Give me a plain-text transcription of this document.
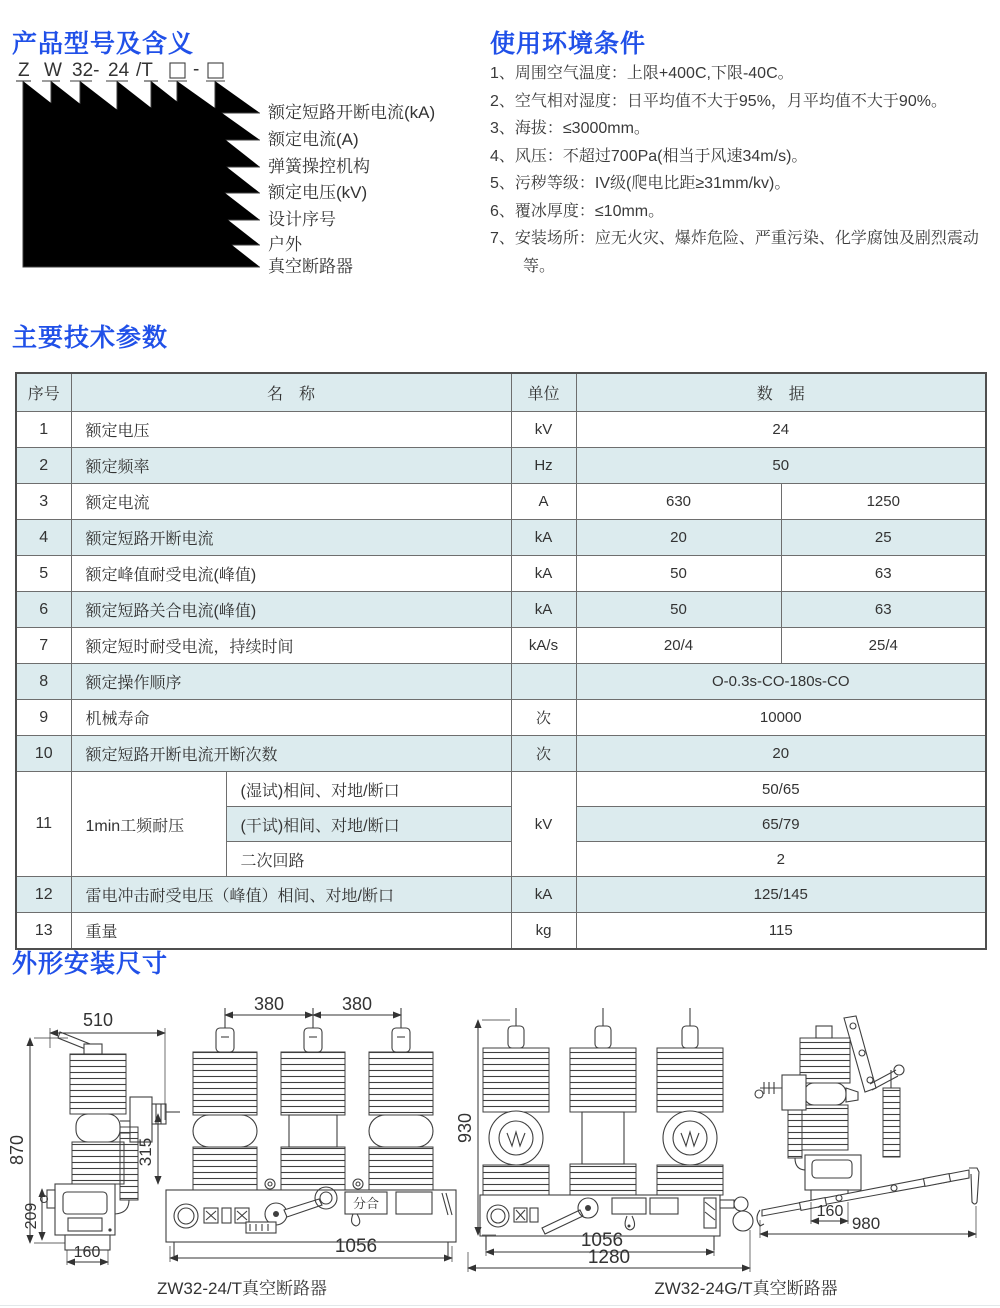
产品型号及含义
Z W 32- 24 /T -
额定短路开断电流(kA)
额定电流(A)
弹簧操控机构
额定电压(kV)
设计序号
户外
真空断路器
使用环境条件
1、周围空气温度：上限+400C,下限-40C。
2、空气相对湿度：日平均值不大于95%，月平均值不大于90%。
3、海拔：≤3000mm。
4、风压：不超过700Pa(相当于风速34m/s)。
5、污秽等级：IV级(爬电比距≥31mm/kv)。
6、覆冰厚度：≤10mm。
7、安装场所：应无火灾、爆炸危险、严重污染、化学腐蚀及剧烈震动等。
主要技术参数
序号	名　称		单位	数　据	
1	额定电压		kV	24	
2	额定频率		Hz	50	
3	额定电流		A	630	1250
4	额定短路开断电流		kA	20	25
5	额定峰值耐受电流(峰值)		kA	50	63
6	额定短路关合电流(峰值)		kA	50	63
7	额定短时耐受电流，持续时间		kA/s	20/4	25/4
8	额定操作顺序			O-0.3s-CO-180s-CO	
9	机械寿命		次	10000	
10	额定短路开断电流开断次数		次	20	
11	1min工频耐压	(湿试)相间、对地/断口	kV	50/65	
		(干试)相间、对地/断口		65/79	
		二次回路		2	
12	雷电冲击耐受电压（峰值）相间、对地/断口		kA	125/145	
13	重量		kg	115	
外形安装尺寸
510
870	315
209
160
分合
380	380
1056
930
1056
1280
160
980
ZW32-24/T真空断路器	ZW32-24G/T真空断路器
